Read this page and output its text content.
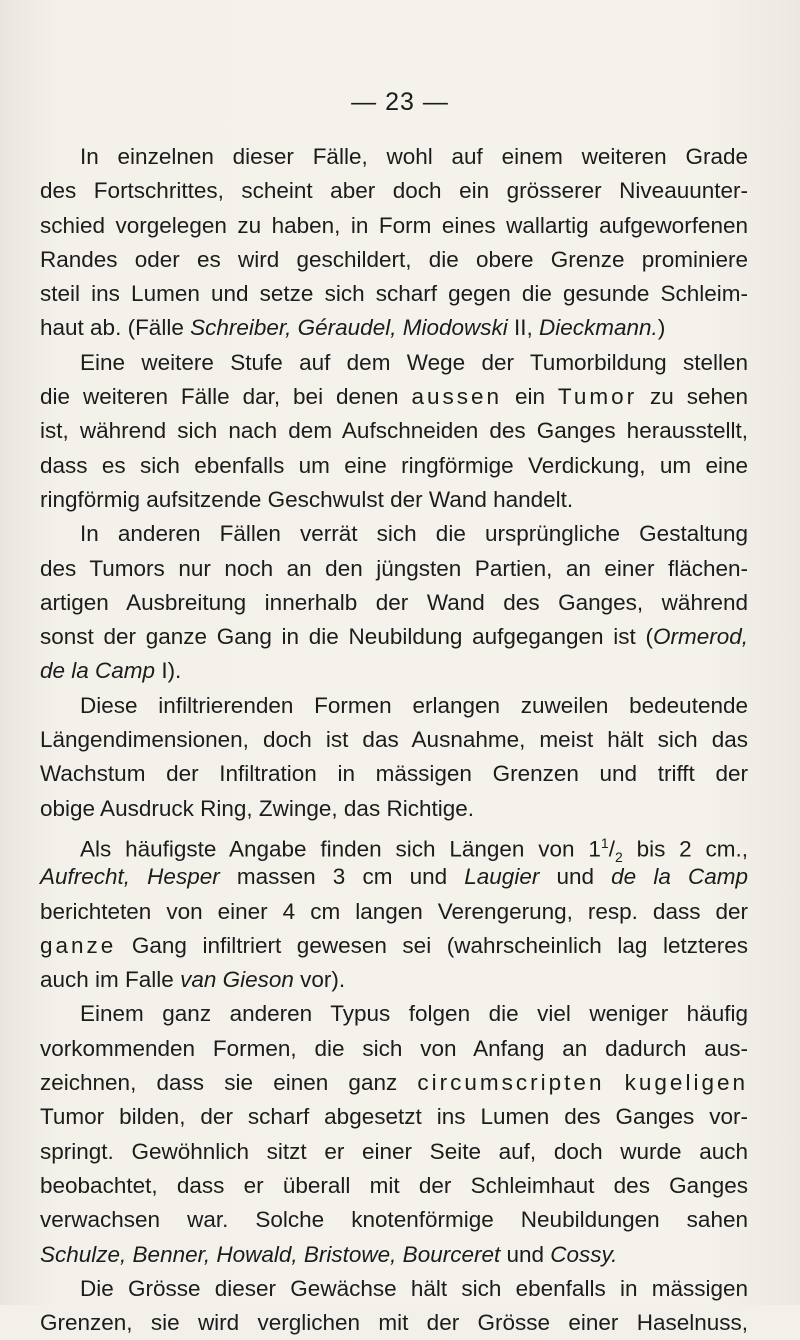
— 23 —
In einzelnen dieser Fälle, wohl auf einem weiteren Grade
des Fortschrittes, scheint aber doch ein grösserer Niveauunter-
schied vorgelegen zu haben, in Form eines wallartig aufgeworfenen
Randes oder es wird geschildert, die obere Grenze prominiere
steil ins Lumen und setze sich scharf gegen die gesunde Schleim-
haut ab. (Fälle Schreiber, Géraudel, Miodowski II, Dieckmann.)
Eine weitere Stufe auf dem Wege der Tumorbildung stellen
die weiteren Fälle dar, bei denen aussen ein Tumor zu sehen
ist, während sich nach dem Aufschneiden des Ganges herausstellt,
dass es sich ebenfalls um eine ringförmige Verdickung, um eine
ringförmig aufsitzende Geschwulst der Wand handelt.
In anderen Fällen verrät sich die ursprüngliche Gestaltung
des Tumors nur noch an den jüngsten Partien, an einer flächen-
artigen Ausbreitung innerhalb der Wand des Ganges, während
sonst der ganze Gang in die Neubildung aufgegangen ist (Ormerod,
de la Camp I).
Diese infiltrierenden Formen erlangen zuweilen bedeutende
Längendimensionen, doch ist das Ausnahme, meist hält sich das
Wachstum der Infiltration in mässigen Grenzen und trifft der
obige Ausdruck Ring, Zwinge, das Richtige.
Als häufigste Angabe finden sich Längen von $1^1/_2$ bis 2 cm.,
Aufrecht, Hesper massen 3 cm und Laugier und de la Camp
berichteten von einer 4 cm langen Verengerung, resp. dass der
ganze Gang infiltriert gewesen sei (wahrscheinlich lag letzteres
auch im Falle van Gieson vor).
Einem ganz anderen Typus folgen die viel weniger häufig
vorkommenden Formen, die sich von Anfang an dadurch aus-
zeichnen, dass sie einen ganz circumscripten kugeligen
Tumor bilden, der scharf abgesetzt ins Lumen des Ganges vor-
springt. Gewöhnlich sitzt er einer Seite auf, doch wurde auch
beobachtet, dass er überall mit der Schleimhaut des Ganges
verwachsen war. Solche knotenförmige Neubildungen sahen
Schulze, Benner, Howald, Bristowe, Bourceret und Cossy.
Die Grösse dieser Gewächse hält sich ebenfalls in mässigen
Grenzen, sie wird verglichen mit der Grösse einer Haselnuss,
